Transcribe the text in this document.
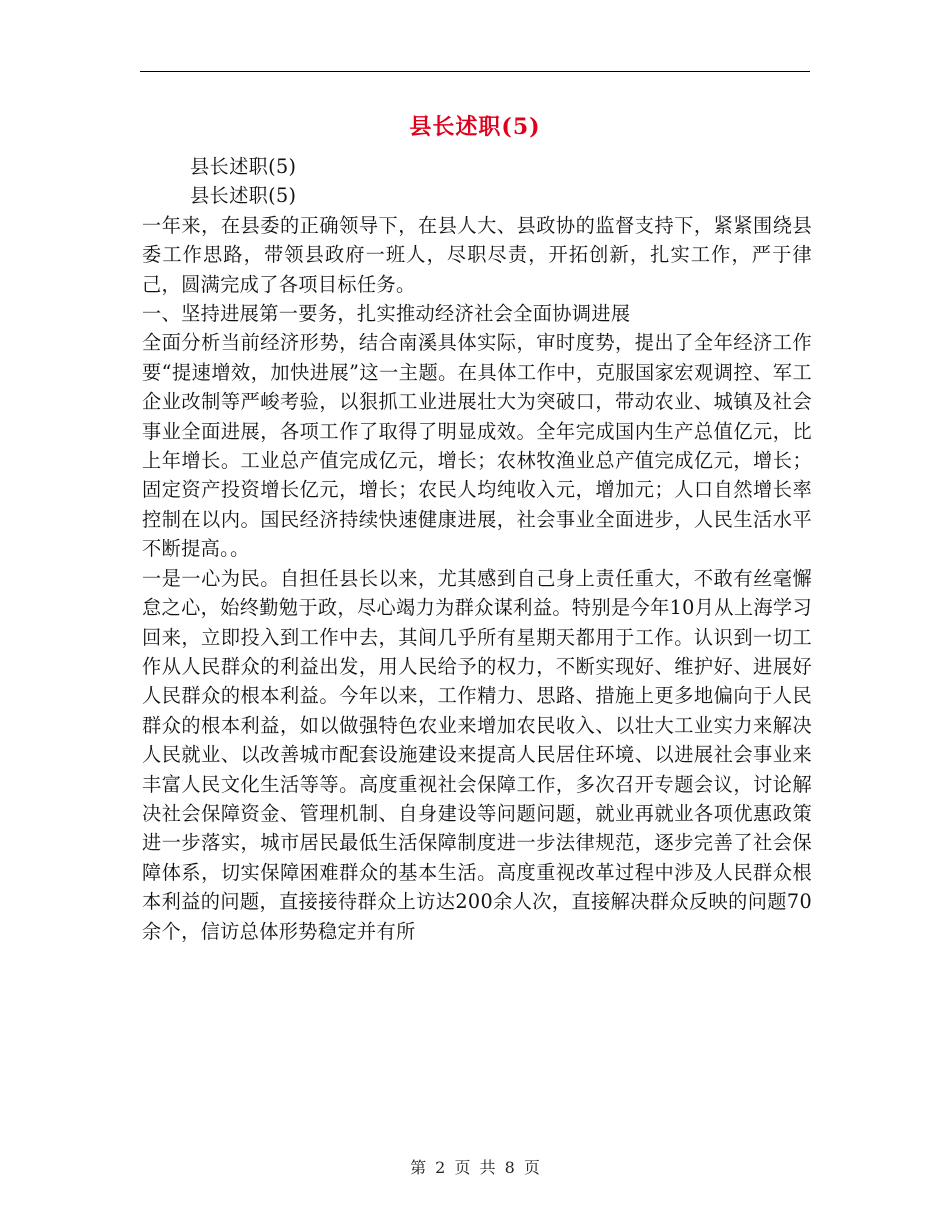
县长述职(5)

县长述职(5)

县长述职(5)

一年来，在县委的正确领导下，在县人大、县政协的监督支持下，紧紧围绕县委工作思路，带领县政府一班人，尽职尽责，开拓创新，扎实工作，严于律己，圆满完成了各项目标任务。

一、坚持进展第一要务，扎实推动经济社会全面协调进展

全面分析当前经济形势，结合南溪具体实际，审时度势，提出了全年经济工作要“提速增效，加快进展”这一主题。在具体工作中，克服国家宏观调控、军工企业改制等严峻考验，以狠抓工业进展壮大为突破口，带动农业、城镇及社会事业全面进展，各项工作了取得了明显成效。全年完成国内生产总值亿元，比上年增长。工业总产值完成亿元，增长；农林牧渔业总产值完成亿元，增长；固定资产投资增长亿元，增长；农民人均纯收入元，增加元；人口自然增长率控制在以内。国民经济持续快速健康进展，社会事业全面进步，人民生活水平不断提高。。

一是一心为民。自担任县长以来，尤其感到自己身上责任重大，不敢有丝毫懈怠之心，始终勤勉于政，尽心竭力为群众谋利益。特别是今年10月从上海学习回来，立即投入到工作中去，其间几乎所有星期天都用于工作。认识到一切工作从人民群众的利益出发，用人民给予的权力，不断实现好、维护好、进展好人民群众的根本利益。今年以来，工作精力、思路、措施上更多地偏向于人民群众的根本利益，如以做强特色农业来增加农民收入、以壮大工业实力来解决人民就业、以改善城市配套设施建设来提高人民居住环境、以进展社会事业来丰富人民文化生活等等。高度重视社会保障工作，多次召开专题会议，讨论解决社会保障资金、管理机制、自身建设等问题问题，就业再就业各项优惠政策进一步落实，城市居民最低生活保障制度进一步法律规范，逐步完善了社会保障体系，切实保障困难群众的基本生活。高度重视改革过程中涉及人民群众根本利益的问题，直接接待群众上访达200余人次，直接解决群众反映的问题70余个，信访总体形势稳定并有所

第 2 页 共 8 页
